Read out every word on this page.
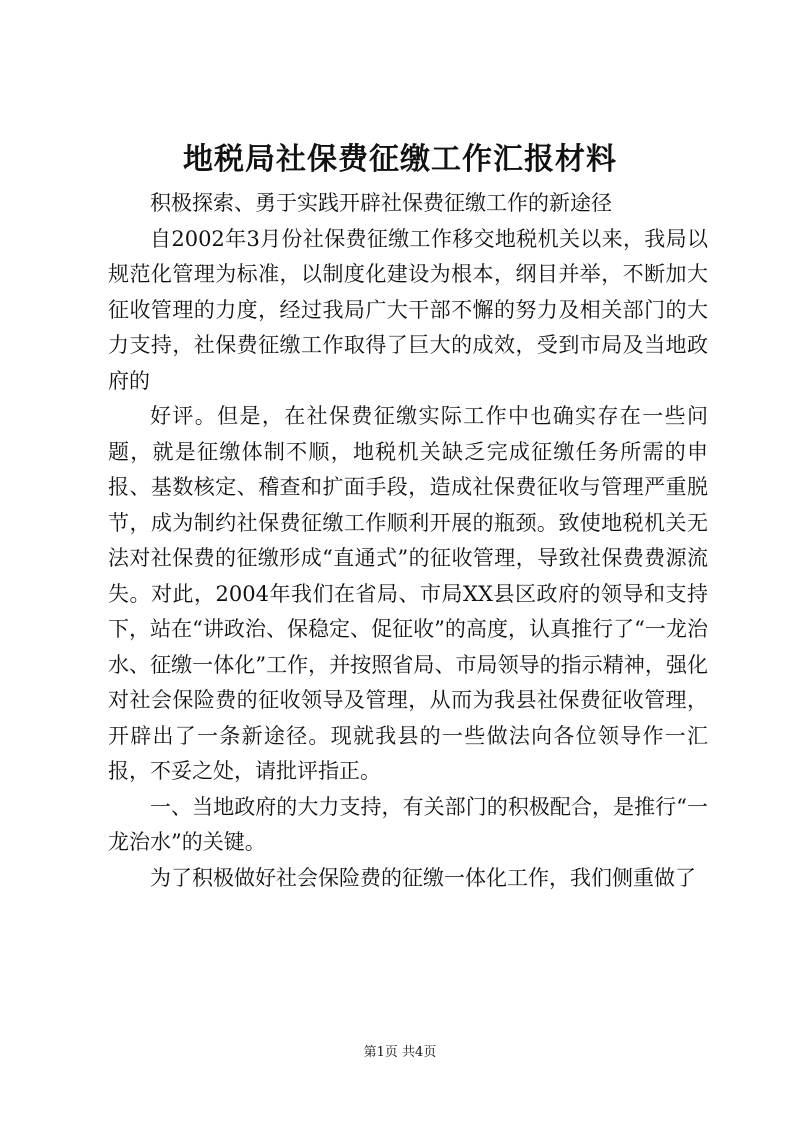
地税局社保费征缴工作汇报材料

积极探索、勇于实践开辟社保费征缴工作的新途径

自2002年3月份社保费征缴工作移交地税机关以来，我局以规范化管理为标准，以制度化建设为根本，纲目并举，不断加大征收管理的力度，经过我局广大干部不懈的努力及相关部门的大力支持，社保费征缴工作取得了巨大的成效，受到市局及当地政府的

好评。但是，在社保费征缴实际工作中也确实存在一些问题，就是征缴体制不顺，地税机关缺乏完成征缴任务所需的申报、基数核定、稽查和扩面手段，造成社保费征收与管理严重脱节，成为制约社保费征缴工作顺利开展的瓶颈。致使地税机关无法对社保费的征缴形成“直通式”的征收管理，导致社保费费源流失。对此，2004年我们在省局、市局XX县区政府的领导和支持下，站在“讲政治、保稳定、促征收”的高度，认真推行了“一龙治水、征缴一体化”工作，并按照省局、市局领导的指示精神，强化对社会保险费的征收领导及管理，从而为我县社保费征收管理，开辟出了一条新途径。现就我县的一些做法向各位领导作一汇报，不妥之处，请批评指正。

一、当地政府的大力支持，有关部门的积极配合，是推行“一龙治水”的关键。

为了积极做好社会保险费的征缴一体化工作，我们侧重做了

第1页 共4页
